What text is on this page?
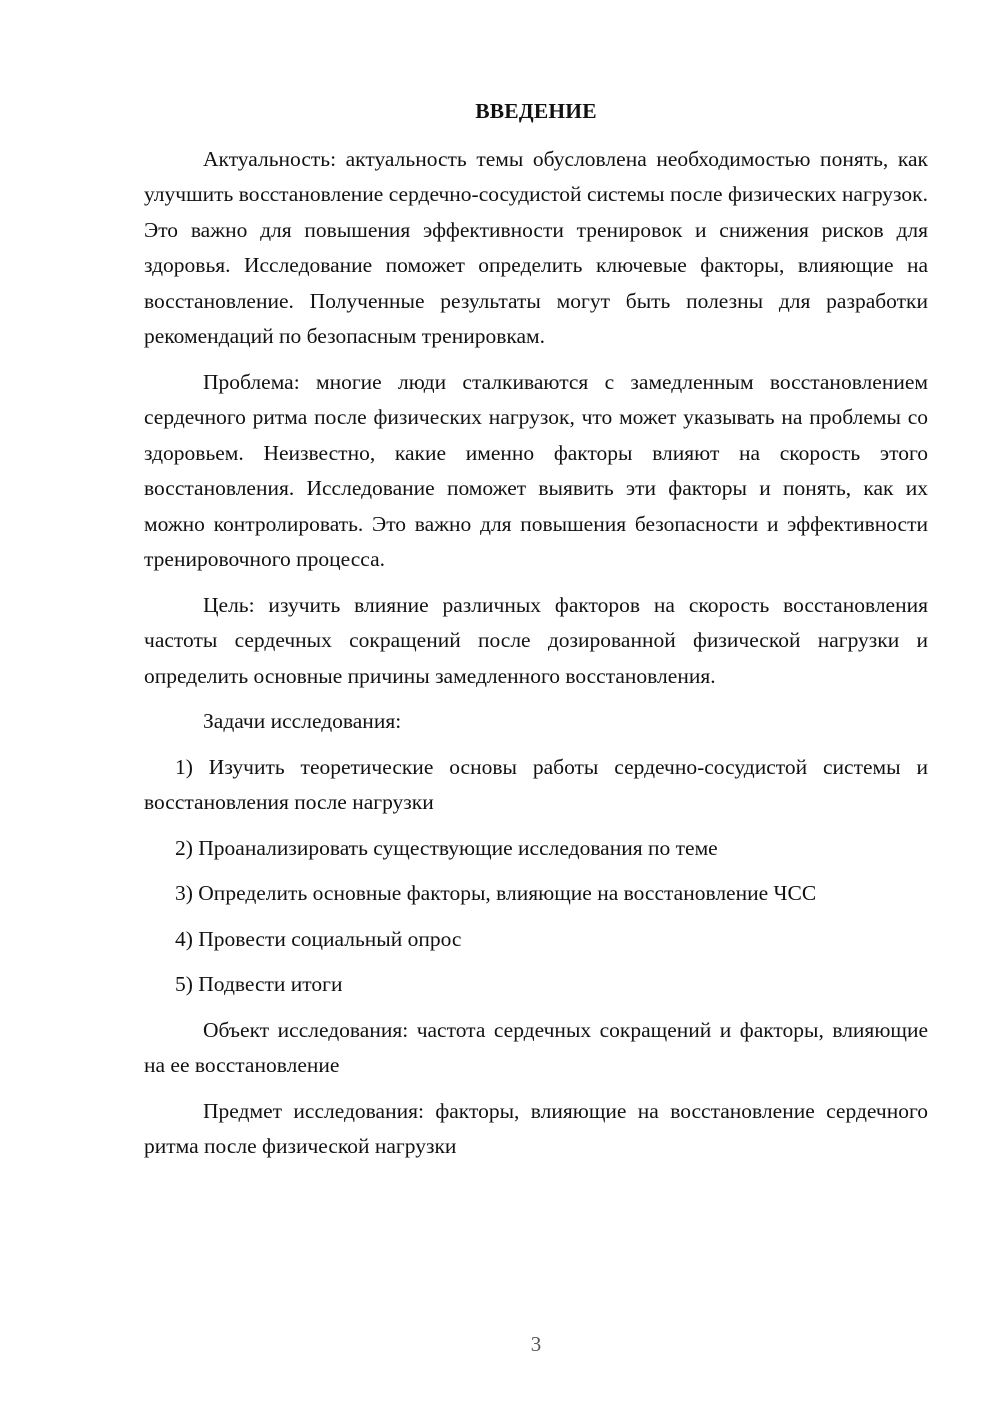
ВВЕДЕНИЕ

Актуальность: актуальность темы обусловлена необходимостью понять, как улучшить восстановление сердечно-сосудистой системы после физических нагрузок. Это важно для повышения эффективности тренировок и снижения рисков для здоровья. Исследование поможет определить ключевые факторы, влияющие на восстановление. Полученные результаты могут быть полезны для разработки рекомендаций по безопасным тренировкам.

Проблема: многие люди сталкиваются с замедленным восстановлением сердечного ритма после физических нагрузок, что может указывать на проблемы со здоровьем. Неизвестно, какие именно факторы влияют на скорость этого восстановления. Исследование поможет выявить эти факторы и понять, как их можно контролировать. Это важно для повышения безопасности и эффективности тренировочного процесса.

Цель: изучить влияние различных факторов на скорость восстановления частоты сердечных сокращений после дозированной физической нагрузки и определить основные причины замедленного восстановления.

Задачи исследования:

1) Изучить теоретические основы работы сердечно-сосудистой системы и восстановления после нагрузки

2) Проанализировать существующие исследования по теме

3) Определить основные факторы, влияющие на восстановление ЧСС

4) Провести социальный опрос

5) Подвести итоги

Объект исследования: частота сердечных сокращений и факторы, влияющие на ее восстановление

Предмет исследования: факторы, влияющие на восстановление сердечного ритма после физической нагрузки

3
